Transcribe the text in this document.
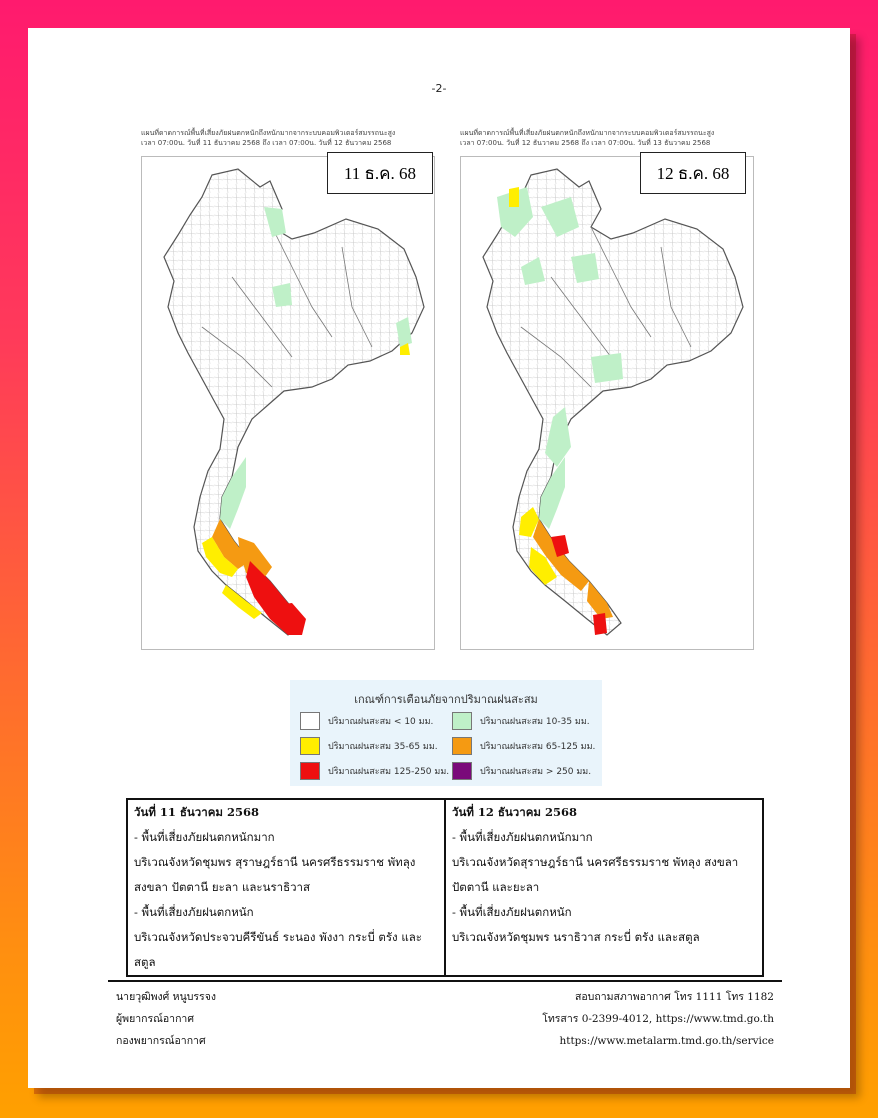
-2-
แผนที่ดาดการณ์พื้นที่เสี่ยงภัยฝนตกหนักถึงหนักมากจากระบบคอมพิวเตอร์สมรรถนะสูง
เวลา 07:00น. วันที่ 11 ธันวาคม 2568 ถึง เวลา 07:00น. วันที่ 12 ธันวาคม 2568
11 ธ.ค. 68
แผนที่ดาดการณ์พื้นที่เสี่ยงภัยฝนตกหนักถึงหนักมากจากระบบคอมพิวเตอร์สมรรถนะสูง
เวลา 07:00น. วันที่ 12 ธันวาคม 2568 ถึง เวลา 07:00น. วันที่ 13 ธันวาคม 2568
12 ธ.ค. 68
เกณฑ์การเตือนภัยจากปริมาณฝนสะสม
ปริมาณฝนสะสม < 10 มม.	ปริมาณฝนสะสม 10-35 มม.
ปริมาณฝนสะสม 35-65 มม.	ปริมาณฝนสะสม 65-125 มม.
ปริมาณฝนสะสม 125-250 มม.	ปริมาณฝนสะสม > 250 มม.
วันที่ 11 ธันวาคม 2568
- พื้นที่เสี่ยงภัยฝนตกหนักมาก
บริเวณจังหวัดชุมพร สุราษฎร์ธานี นครศรีธรรมราช พัทลุง
สงขลา ปัตตานี ยะลา และนราธิวาส
- พื้นที่เสี่ยงภัยฝนตกหนัก
บริเวณจังหวัดประจวบคีรีขันธ์ ระนอง พังงา กระบี่ ตรัง และ
สตูล

วันที่ 12 ธันวาคม 2568
- พื้นที่เสี่ยงภัยฝนตกหนักมาก
บริเวณจังหวัดสุราษฎร์ธานี นครศรีธรรมราช พัทลุง สงขลา
ปัตตานี และยะลา
- พื้นที่เสี่ยงภัยฝนตกหนัก
บริเวณจังหวัดชุมพร นราธิวาส กระบี่ ตรัง และสตูล
นายวุฒิพงศ์ หนูบรรจง
ผู้พยากรณ์อากาศ
กองพยากรณ์อากาศ
สอบถามสภาพอากาศ โทร 1111 โทร 1182
โทรสาร 0-2399-4012, https://www.tmd.go.th
https://www.metalarm.tmd.go.th/service
